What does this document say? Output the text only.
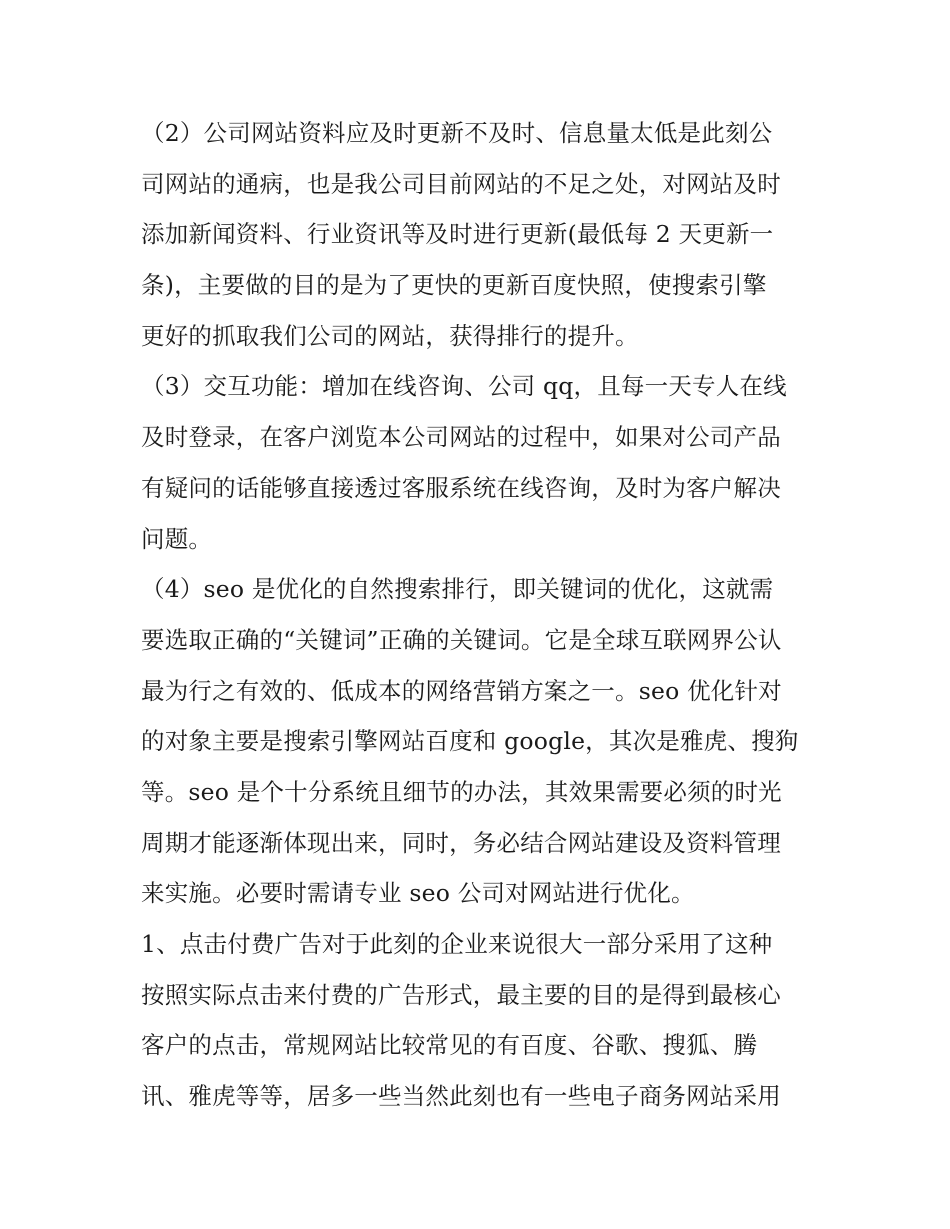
（2）公司网站资料应及时更新不及时、信息量太低是此刻公
司网站的通病，也是我公司目前网站的不足之处，对网站及时
添加新闻资料、行业资讯等及时进行更新(最低每 2 天更新一
条)，主要做的目的是为了更快的更新百度快照，使搜索引擎
更好的抓取我们公司的网站，获得排行的提升。
（3）交互功能：增加在线咨询、公司 qq，且每一天专人在线
及时登录，在客户浏览本公司网站的过程中，如果对公司产品
有疑问的话能够直接透过客服系统在线咨询，及时为客户解决
问题。
（4）seo 是优化的自然搜索排行，即关键词的优化，这就需
要选取正确的“关键词”正确的关键词。它是全球互联网界公认
最为行之有效的、低成本的网络营销方案之一。seo 优化针对
的对象主要是搜索引擎网站百度和 google，其次是雅虎、搜狗
等。seo 是个十分系统且细节的办法，其效果需要必须的时光
周期才能逐渐体现出来，同时，务必结合网站建设及资料管理
来实施。必要时需请专业 seo 公司对网站进行优化。
1、点击付费广告对于此刻的企业来说很大一部分采用了这种
按照实际点击来付费的广告形式，最主要的目的是得到最核心
客户的点击，常规网站比较常见的有百度、谷歌、搜狐、腾
讯、雅虎等等，居多一些当然此刻也有一些电子商务网站采用
